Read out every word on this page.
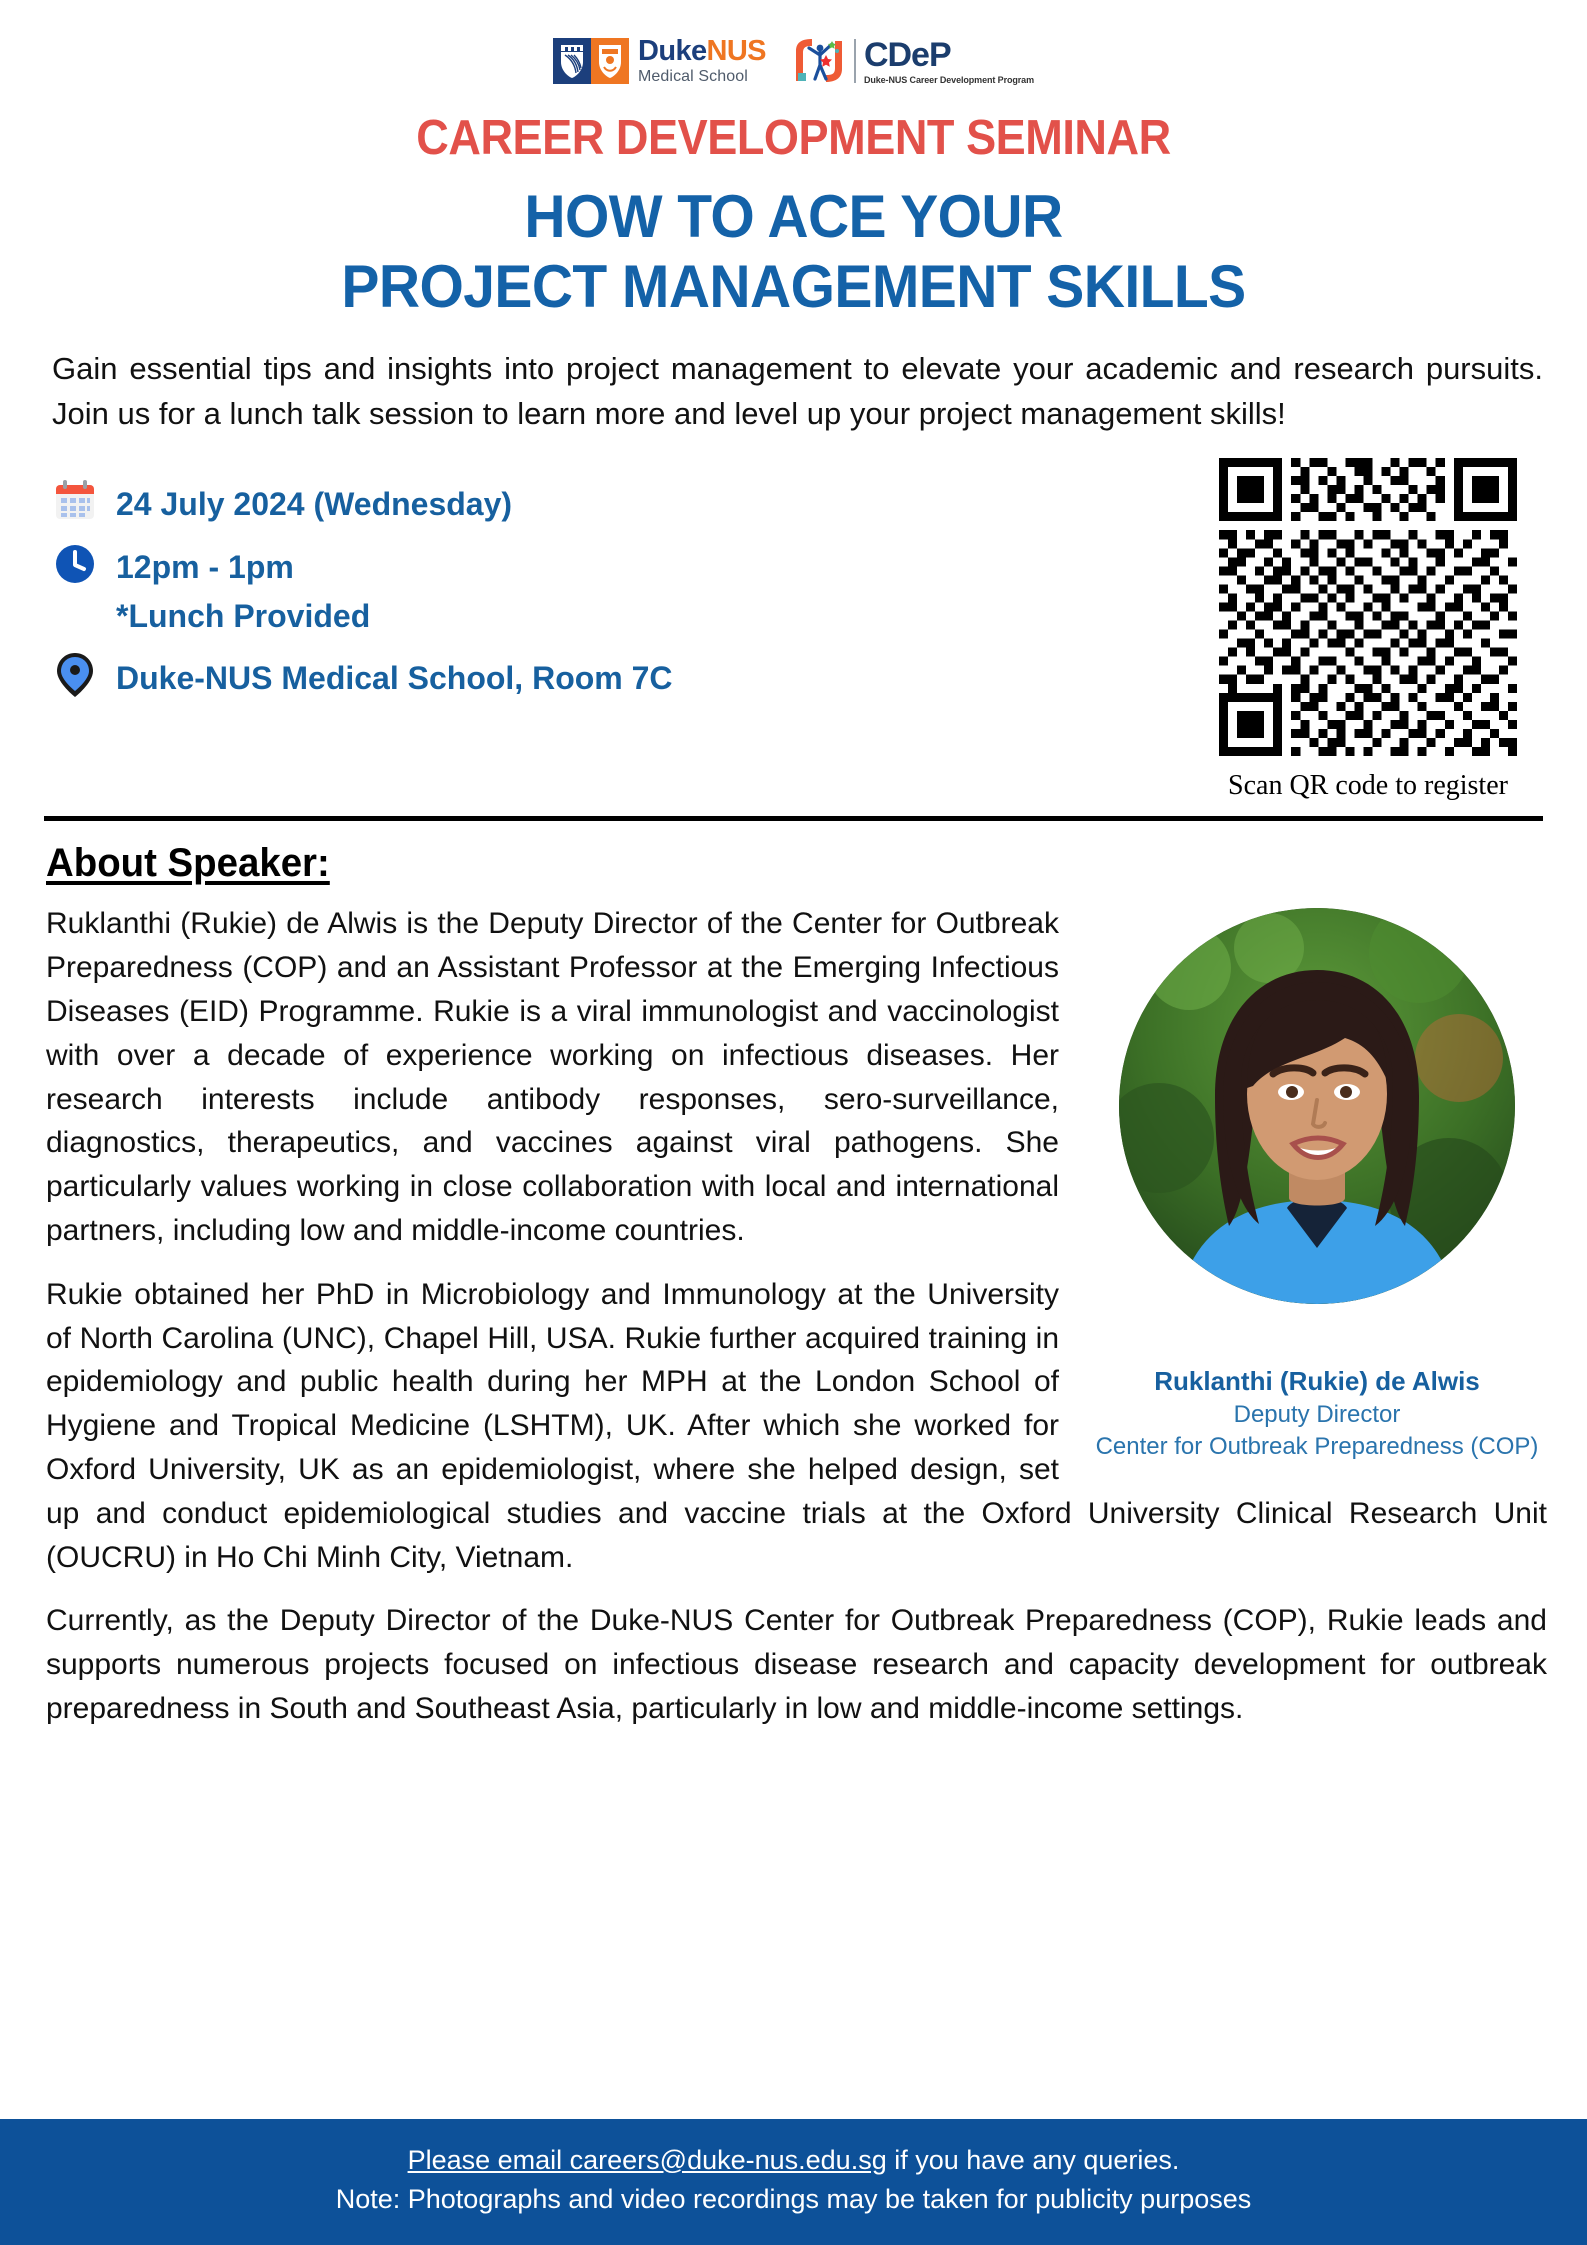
DukeNUS
Medical School
CDeP
Duke-NUS Career Development Program
CAREER DEVELOPMENT SEMINAR
HOW TO ACE YOUR
PROJECT MANAGEMENT SKILLS
Gain essential tips and insights into project management to elevate your academic and research pursuits. Join us for a lunch talk session to learn more and level up your project management skills!
24 July 2024 (Wednesday)
12pm - 1pm
*Lunch Provided
Duke-NUS Medical School, Room 7C
Scan QR code to register
About Speaker:
Ruklanthi (Rukie) de Alwis
Deputy Director
Center for Outbreak Preparedness (COP)

Ruklanthi (Rukie) de Alwis is the Deputy Director of the Center for Outbreak Preparedness (COP) and an Assistant Professor at the Emerging Infectious Diseases (EID) Programme. Rukie is a viral immunologist and vaccinologist with over a decade of experience working on infectious diseases. Her research interests include antibody responses, sero-surveillance, diagnostics, therapeutics, and vaccines against viral pathogens. She particularly values working in close collaboration with local and international partners, including low and middle-income countries.

Rukie obtained her PhD in Microbiology and Immunology at the University of North Carolina (UNC), Chapel Hill, USA. Rukie further acquired training in epidemiology and public health during her MPH at the London School of Hygiene and Tropical Medicine (LSHTM), UK. After which she worked for Oxford University, UK as an epidemiologist, where she helped design, set up and conduct epidemiological studies and vaccine trials at the Oxford University Clinical Research Unit (OUCRU) in Ho Chi Minh City, Vietnam.

Currently, as the Deputy Director of the Duke-NUS Center for Outbreak Preparedness (COP), Rukie leads and supports numerous projects focused on infectious disease research and capacity development for outbreak preparedness in South and Southeast Asia, particularly in low and middle-income settings.

Please email careers@duke-nus.edu.sg if you have any queries.
Note: Photographs and video recordings may be taken for publicity purposes
